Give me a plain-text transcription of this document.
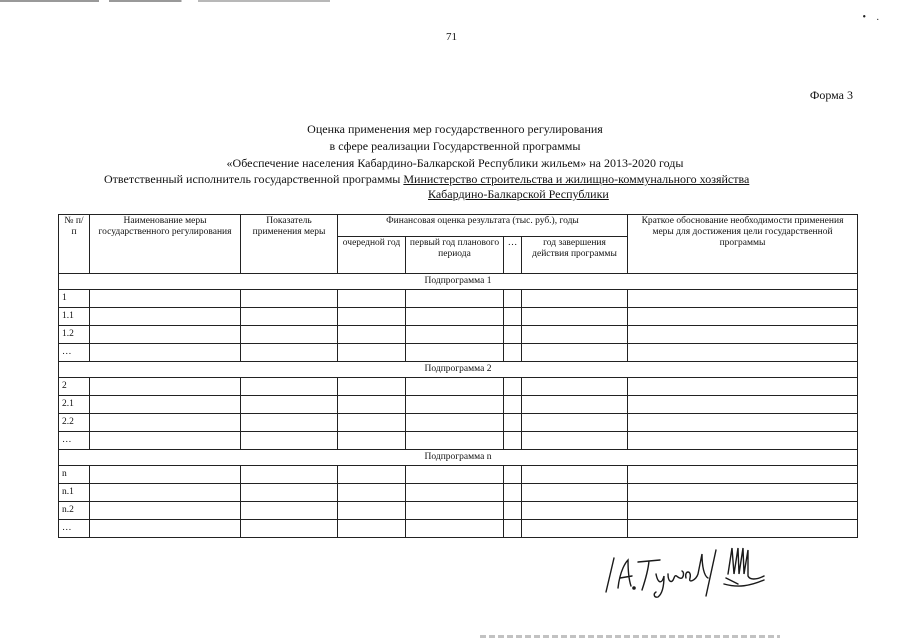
• .
71
Форма 3
Оценка применения мер государственного регулирования
в сфере реализации Государственной программы
«Обеспечение населения Кабардино-Балкарской Республики жильем» на 2013-2020 годы
Ответственный исполнитель государственной программы Министерство строительства и жилищно-коммунального хозяйства
Кабардино-Балкарской Республики
№ п/п	Наименование меры государственного регулирования	Показатель применения меры	Финансовая оценка результата (тыс. руб.), годы				Краткое обоснование необходимости применения меры для достижения цели государственной программы
			очередной год	первый год планового периода	…	год завершения действия программы	
Подпрограмма 1							
1							
1.1							
1.2							
…							
Подпрограмма 2							
2							
2.1							
2.2							
…							
Подпрограмма n							
n							
n.1							
n.2							
…							
